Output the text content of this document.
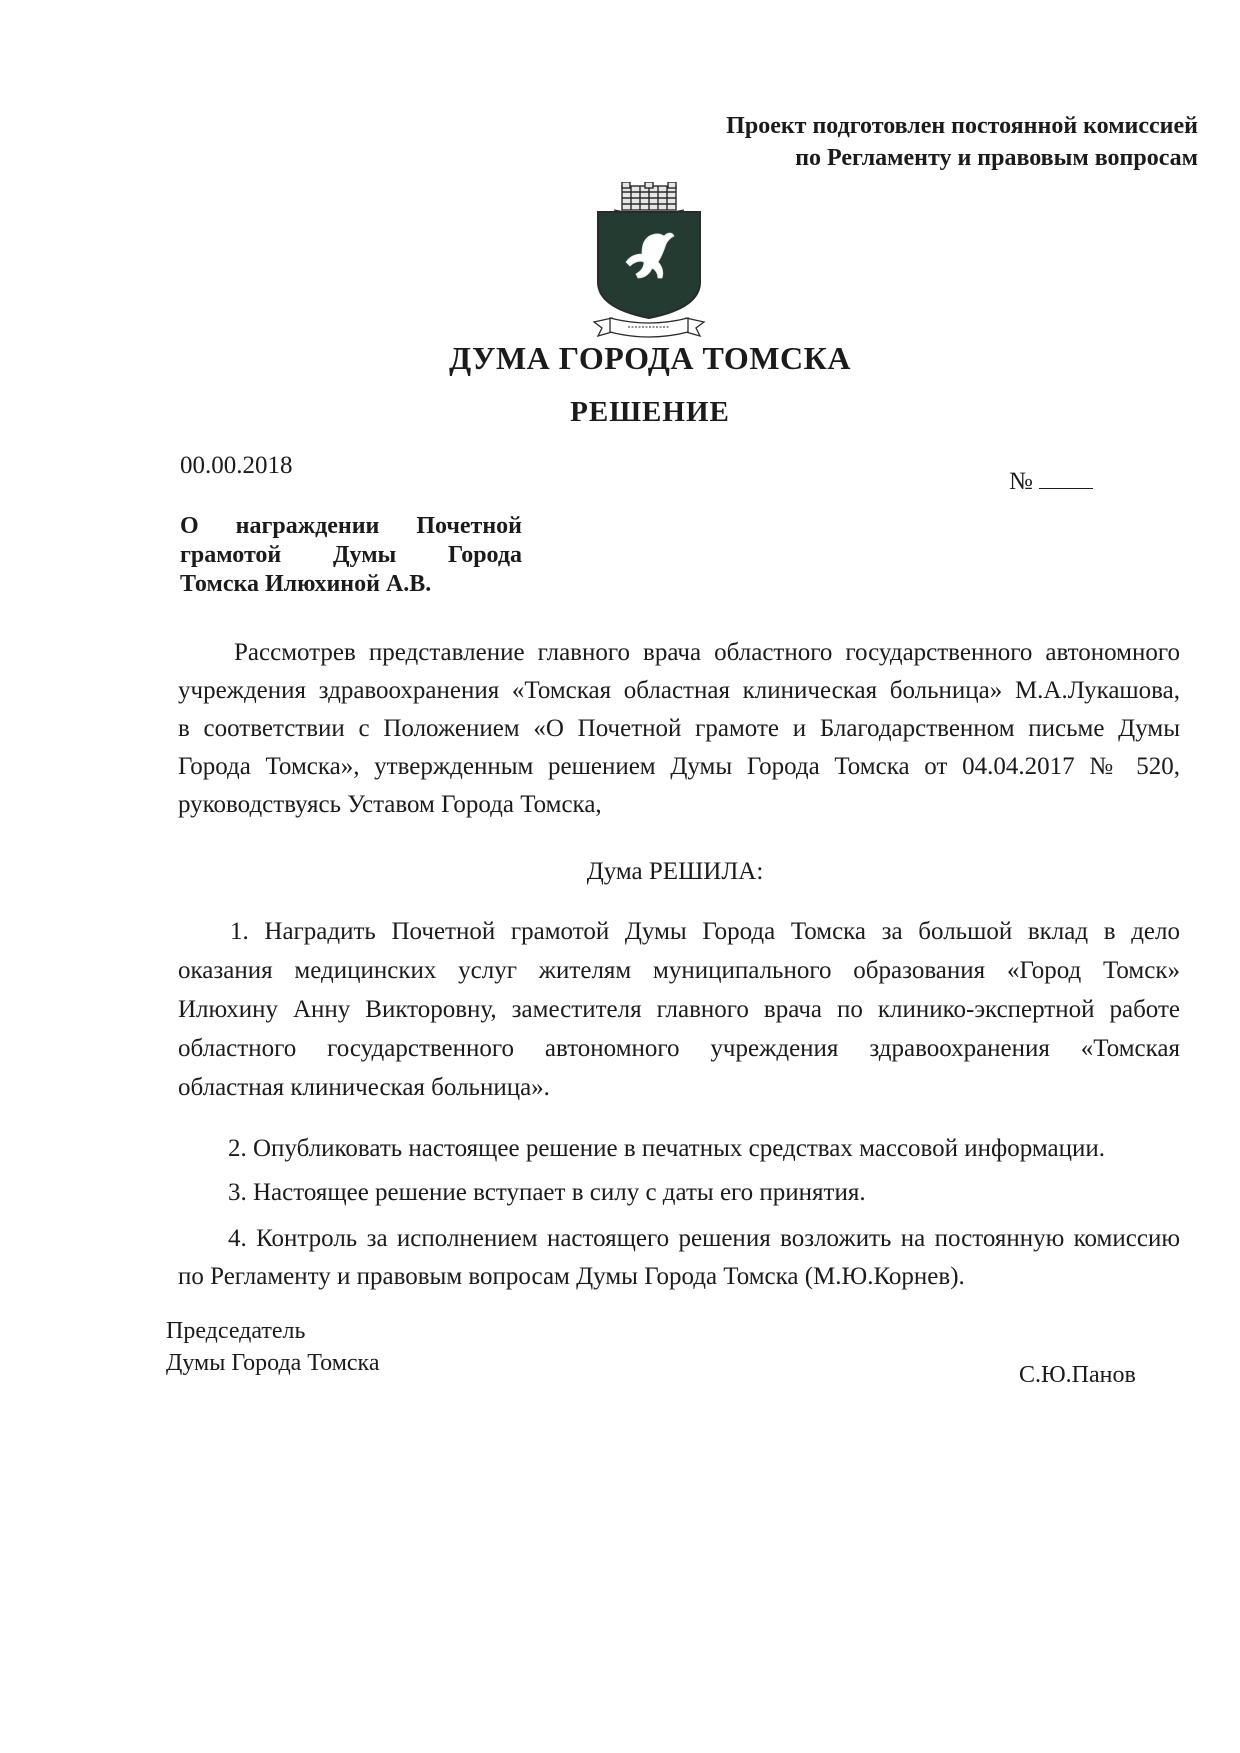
Проект подготовлен постоянной комиссией
по Регламенту и правовым вопросам
ДУМА ГОРОДА ТОМСКА
РЕШЕНИЕ
00.00.2018
№
О награждении Почетной
грамотой Думы Города
Томска Илюхиной А.В.
Рассмотрев представление главного врача областного государственного автономного
учреждения здравоохранения «Томская областная клиническая больница» М.А.Лукашова,
в соответствии с Положением «О Почетной грамоте и Благодарственном письме Думы
Города Томска», утвержденным решением Думы Города Томска от 04.04.2017 № 520,
руководствуясь Уставом Города Томска,
Дума РЕШИЛА:
1. Наградить Почетной грамотой Думы Города Томска за большой вклад в дело
оказания медицинских услуг жителям муниципального образования «Город Томск»
Илюхину Анну Викторовну, заместителя главного врача по клинико-экспертной работе
областного государственного автономного учреждения здравоохранения «Томская
областная клиническая больница».
2. Опубликовать настоящее решение в печатных средствах массовой информации.
3. Настоящее решение вступает в силу с даты его принятия.
4. Контроль за исполнением настоящего решения возложить на постоянную комиссию
по Регламенту и правовым вопросам Думы Города Томска (М.Ю.Корнев).
Председатель
Думы Города Томска	С.Ю.Панов
